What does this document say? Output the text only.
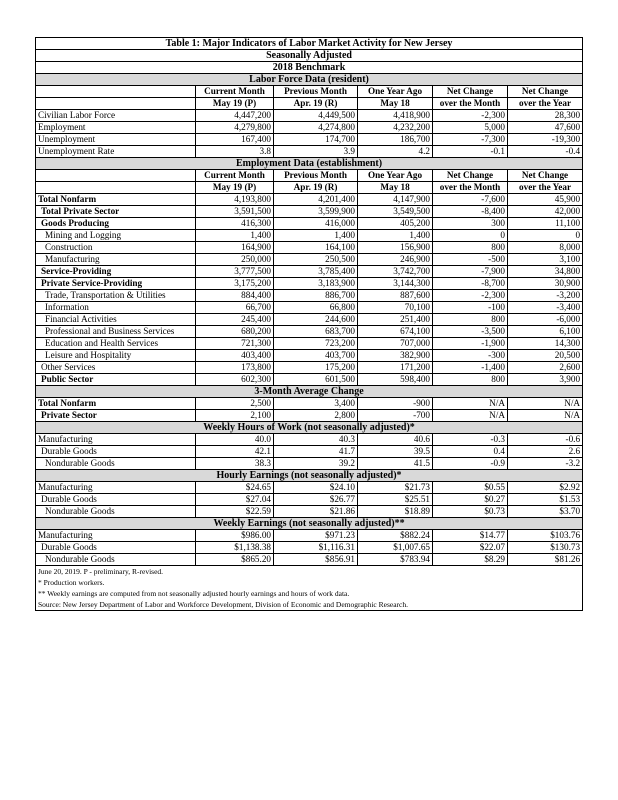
Table 1: Major Indicators of Labor Market Activity for New Jersey					
Seasonally Adjusted					
2018 Benchmark					
Labor Force Data (resident)					
	Current Month	Previous Month	One Year Ago	Net Change	Net Change
	May 19 (P)	Apr. 19 (R)	May 18	over the Month	over the Year
Civilian Labor Force	4,447,200	4,449,500	4,418,900	-2,300	28,300
Employment	4,279,800	4,274,800	4,232,200	5,000	47,600
Unemployment	167,400	174,700	186,700	-7,300	-19,300
Unemployment Rate	3.8	3.9	4.2	-0.1	-0.4
Employment Data (establishment)					
	Current Month	Previous Month	One Year Ago	Net Change	Net Change
	May 19 (P)	Apr. 19 (R)	May 18	over the Month	over the Year
Total Nonfarm	4,193,800	4,201,400	4,147,900	-7,600	45,900
Total Private Sector	3,591,500	3,599,900	3,549,500	-8,400	42,000
Goods Producing	416,300	416,000	405,200	300	11,100
Mining and Logging	1,400	1,400	1,400	0	0
Construction	164,900	164,100	156,900	800	8,000
Manufacturing	250,000	250,500	246,900	-500	3,100
Service-Providing	3,777,500	3,785,400	3,742,700	-7,900	34,800
Private Service-Providing	3,175,200	3,183,900	3,144,300	-8,700	30,900
Trade, Transportation & Utilities	884,400	886,700	887,600	-2,300	-3,200
Information	66,700	66,800	70,100	-100	-3,400
Financial Activities	245,400	244,600	251,400	800	-6,000
Professional and Business Services	680,200	683,700	674,100	-3,500	6,100
Education and Health Services	721,300	723,200	707,000	-1,900	14,300
Leisure and Hospitality	403,400	403,700	382,900	-300	20,500
Other Services	173,800	175,200	171,200	-1,400	2,600
Public Sector	602,300	601,500	598,400	800	3,900
3-Month Average Change					
Total Nonfarm	2,500	3,400	-900	N/A	N/A
Private Sector	2,100	2,800	-700	N/A	N/A
Weekly Hours of Work (not seasonally adjusted)*					
Manufacturing	40.0	40.3	40.6	-0.3	-0.6
Durable Goods	42.1	41.7	39.5	0.4	2.6
Nondurable Goods	38.3	39.2	41.5	-0.9	-3.2
Hourly Earnings (not seasonally adjusted)*					
Manufacturing	$24.65	$24.10	$21.73	$0.55	$2.92
Durable Goods	$27.04	$26.77	$25.51	$0.27	$1.53
Nondurable Goods	$22.59	$21.86	$18.89	$0.73	$3.70
Weekly Earnings (not seasonally adjusted)**					
Manufacturing	$986.00	$971.23	$882.24	$14.77	$103.76
Durable Goods	$1,138.38	$1,116.31	$1,007.65	$22.07	$130.73
Nondurable Goods	$865.20	$856.91	$783.94	$8.29	$81.26
June 20, 2019. P - preliminary, R-revised.					
* Production workers.					
** Weekly earnings are computed from not seasonally adjusted hourly earnings and hours of work data.					
Source: New Jersey Department of Labor and Workforce Development, Division of Economic and Demographic Research.					
